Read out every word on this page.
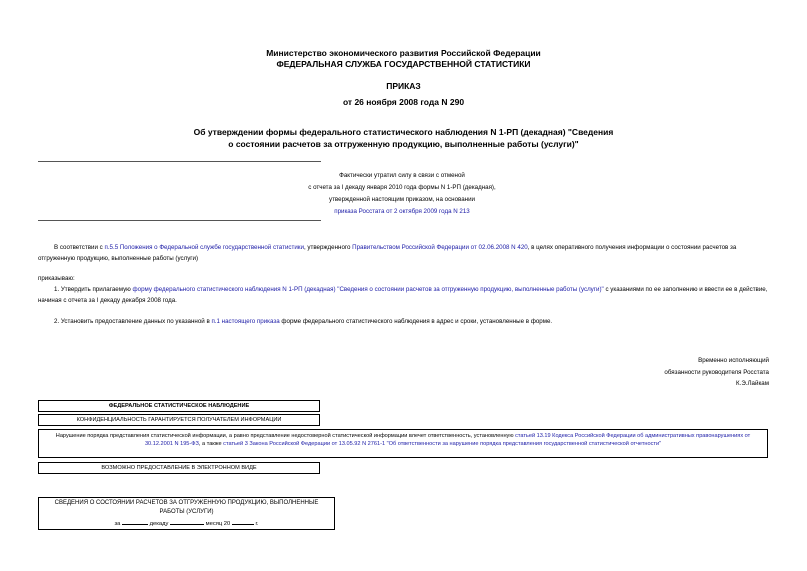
Министерство экономического развития Российской Федерации
ФЕДЕРАЛЬНАЯ СЛУЖБА ГОСУДАРСТВЕННОЙ СТАТИСТИКИ
ПРИКАЗ
от 26 ноября 2008 года N 290
Об утверждении формы федерального статистического наблюдения N 1-РП (декадная) "Сведения
о состоянии расчетов за отгруженную продукцию, выполненные работы (услуги)"
Фактически утратил силу в связи с отменой
с отчета за I декаду января 2010 года формы N 1-РП (декадная),
утвержденной настоящим приказом, на основании
приказа Росстата от 2 октября 2009 года N 213
В соответствии с п.5.5 Положения о Федеральной службе государственной статистики, утвержденного Правительством Российской Федерации от 02.06.2008 N 420, в целях оперативного получения информации о состоянии расчетов за отгруженную продукцию, выполненные работы (услуги)
приказываю:
1. Утвердить прилагаемую форму федерального статистического наблюдения N 1-РП (декадная) "Сведения о состоянии расчетов за отгруженную продукцию, выполненные работы (услуги)" с указаниями по ее заполнению и ввести ее в действие, начиная с отчета за I декаду декабря 2008 года.
2. Установить предоставление данных по указанной в п.1 настоящего приказа форме федерального статистического наблюдения в адрес и сроки, установленные в форме.
Временно исполняющий
обязанности руководителя Росстата
К.Э.Лайкам
ФЕДЕРАЛЬНОЕ СТАТИСТИЧЕСКОЕ НАБЛЮДЕНИЕ
КОНФИДЕНЦИАЛЬНОСТЬ ГАРАНТИРУЕТСЯ ПОЛУЧАТЕЛЕМ ИНФОРМАЦИИ
Нарушение порядка представления статистической информации, а равно представление недостоверной статистической информации влечет ответственность, установленную статьей 13.19 Кодекса Российской Федерации об административных правонарушениях от 30.12.2001 N 195-ФЗ, а также статьей 3 Закона Российской Федерации от 13.05.92 N 2761-1 "Об ответственности за нарушение порядка представления государственной статистической отчетности"
ВОЗМОЖНО ПРЕДОСТАВЛЕНИЕ В ЭЛЕКТРОННОМ ВИДЕ
СВЕДЕНИЯ О СОСТОЯНИИ РАСЧЕТОВ ЗА ОТГРУЖЕННУЮ ПРОДУКЦИЮ, ВЫПОЛНЕННЫЕ
РАБОТЫ (УСЛУГИ)
за	декаду	месяц 20	г.
